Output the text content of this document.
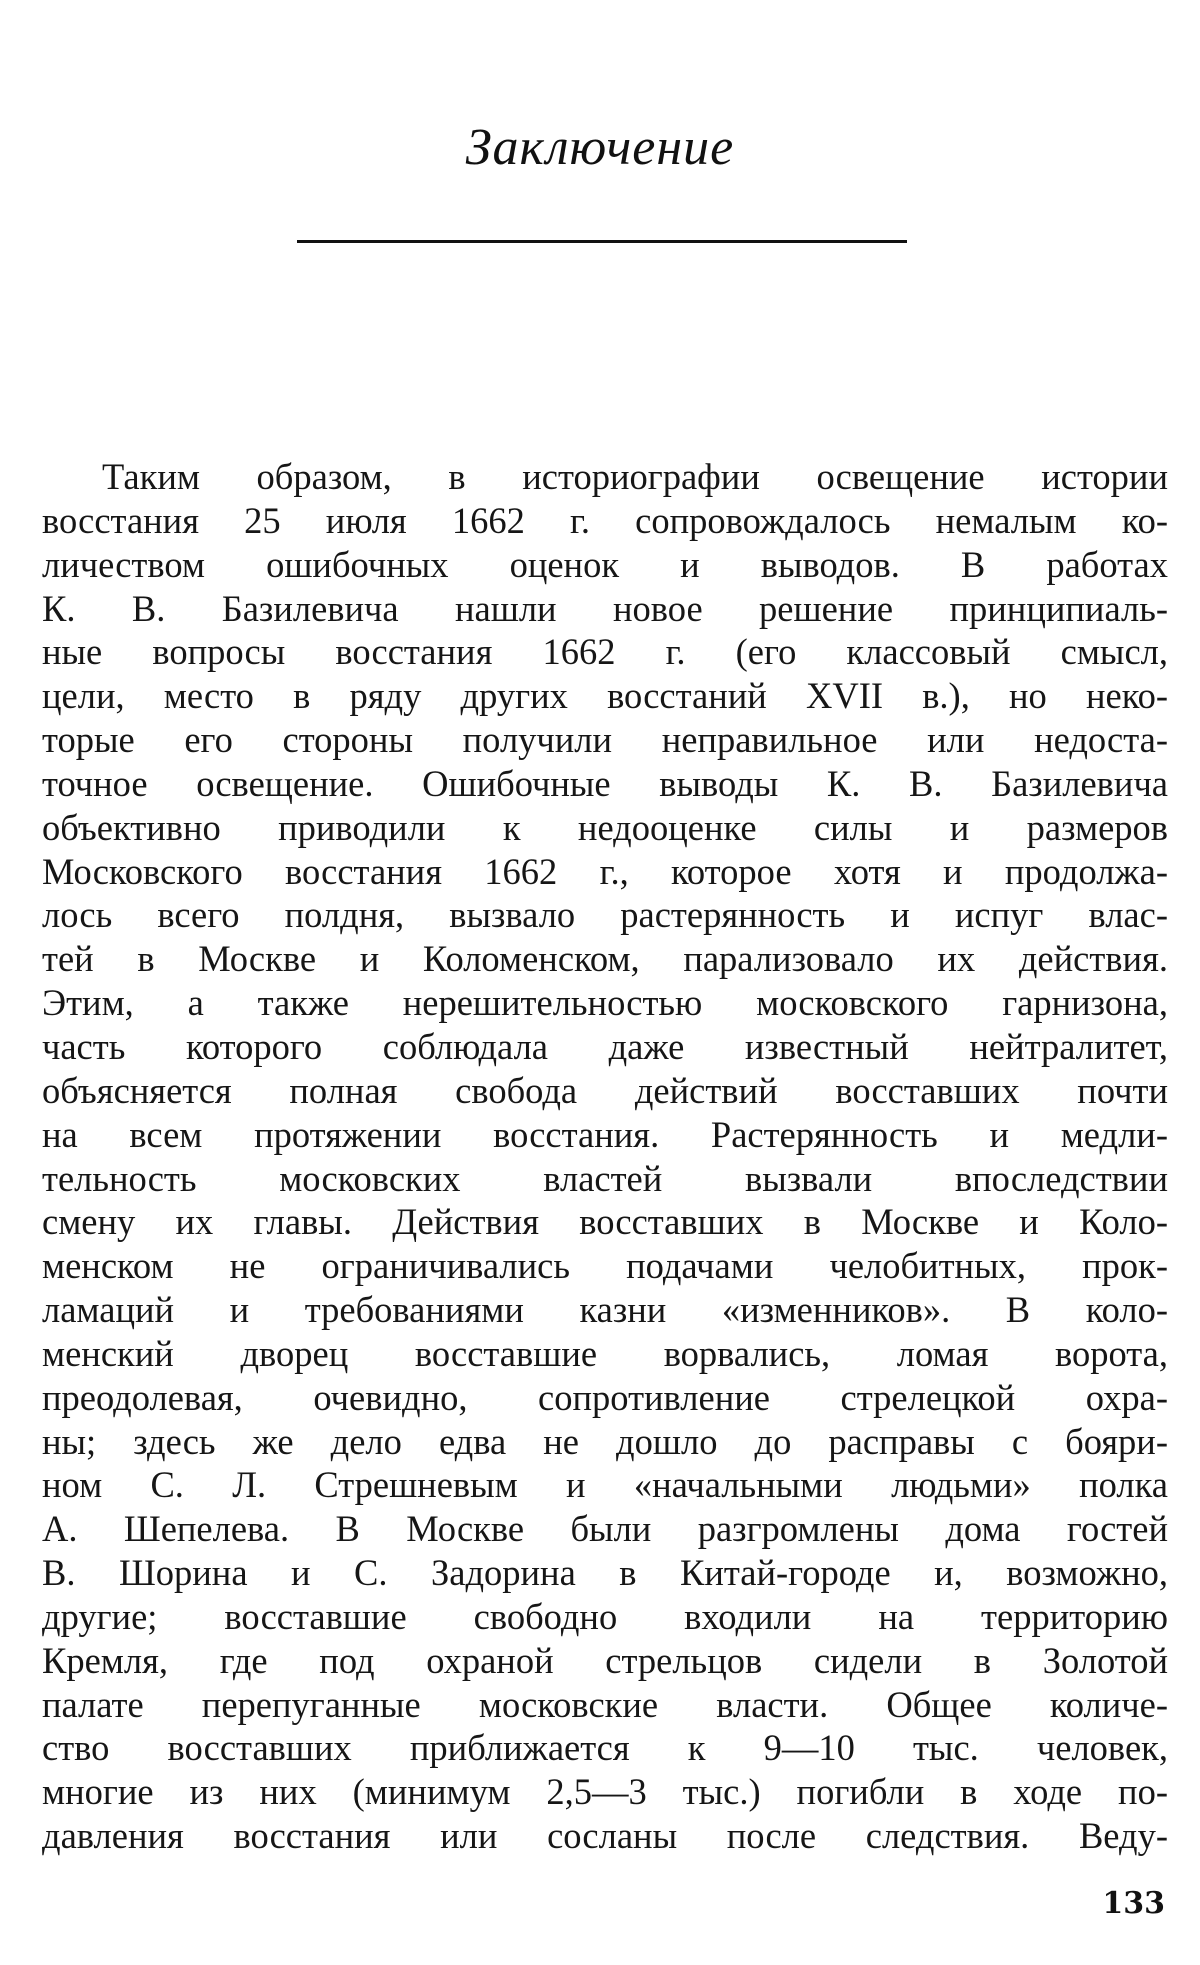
Заключение
Таким образом, в историографии освещение истории
восстания 25 июля 1662 г. сопровождалось немалым ко-
личеством ошибочных оценок и выводов. В работах
К. В. Базилевича нашли новое решение принципиаль-
ные вопросы восстания 1662 г. (его классовый смысл,
цели, место в ряду других восстаний XVII в.), но неко-
торые его стороны получили неправильное или недоста-
точное освещение. Ошибочные выводы К. В. Базилевича
объективно приводили к недооценке силы и размеров
Московского восстания 1662 г., которое хотя и продолжа-
лось всего полдня, вызвало растерянность и испуг влас-
тей в Москве и Коломенском, парализовало их действия.
Этим, а также нерешительностью московского гарнизона,
часть которого соблюдала даже известный нейтралитет,
объясняется полная свобода действий восставших почти
на всем протяжении восстания. Растерянность и медли-
тельность московских властей вызвали впоследствии
смену их главы. Действия восставших в Москве и Коло-
менском не ограничивались подачами челобитных, прок-
ламаций и требованиями казни «изменников». В коло-
менский дворец восставшие ворвались, ломая ворота,
преодолевая, очевидно, сопротивление стрелецкой охра-
ны; здесь же дело едва не дошло до расправы с бояри-
ном С. Л. Стрешневым и «начальными людьми» полка
А. Шепелева. В Москве были разгромлены дома гостей
В. Шорина и С. Задорина в Китай-городе и, возможно,
другие; восставшие свободно входили на территорию
Кремля, где под охраной стрельцов сидели в Золотой
палате перепуганные московские власти. Общее количе-
ство восставших приближается к 9—10 тыс. человек,
многие из них (минимум 2,5—3 тыс.) погибли в ходе по-
давления восстания или сосланы после следствия. Веду-
133
